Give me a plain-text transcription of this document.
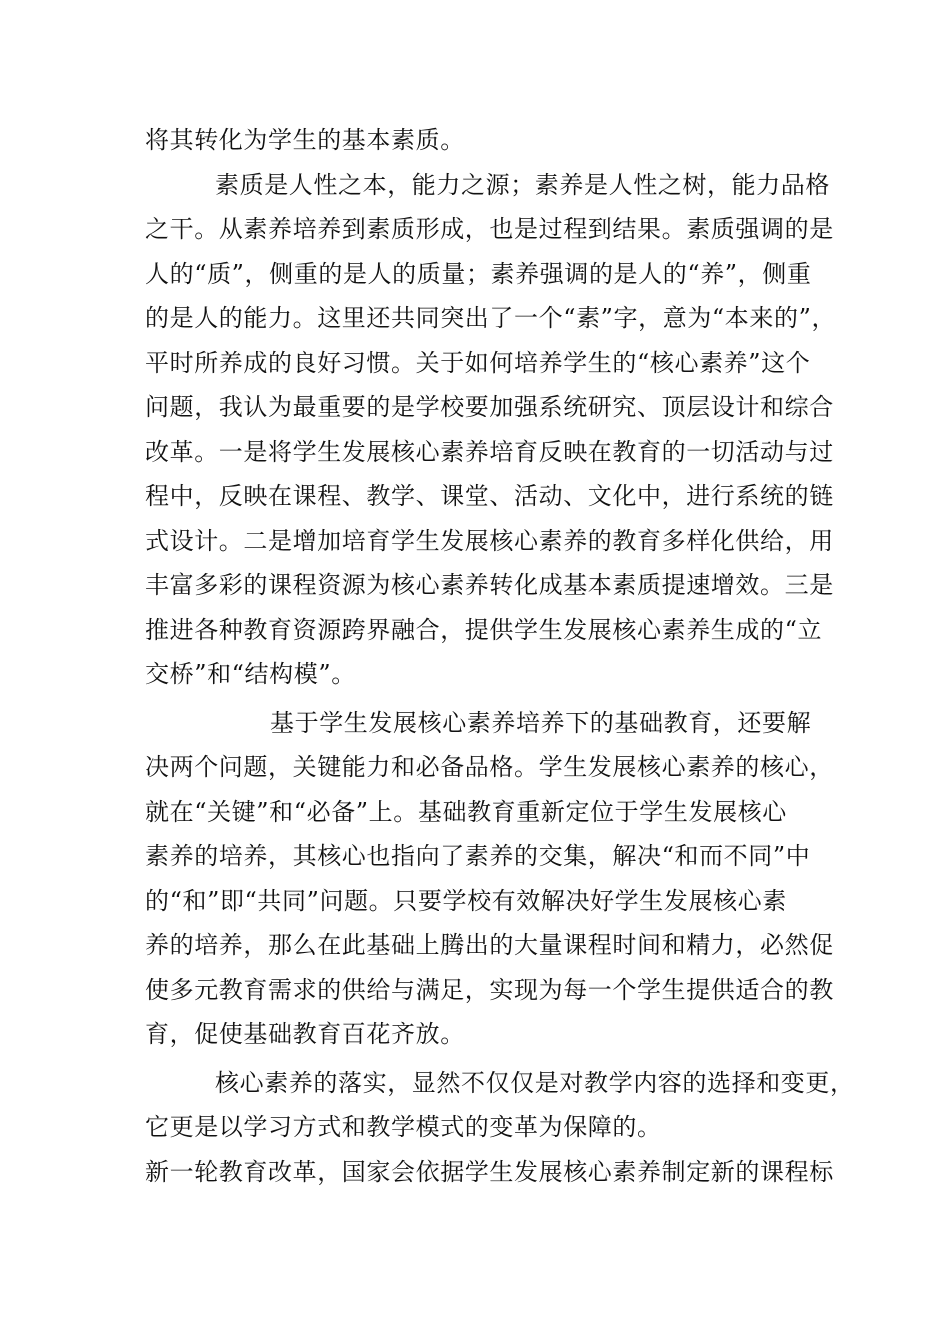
将其转化为学生的基本素质。
素质是人性之本，能力之源；素养是人性之树，能力品格
之干。从素养培养到素质形成，也是过程到结果。素质强调的是
人的“质”，侧重的是人的质量；素养强调的是人的“养”，侧重
的是人的能力。这里还共同突出了一个“素”字，意为“本来的”，
平时所养成的良好习惯。关于如何培养学生的“核心素养”这个
问题，我认为最重要的是学校要加强系统研究、顶层设计和综合
改革。一是将学生发展核心素养培育反映在教育的一切活动与过
程中，反映在课程、教学、课堂、活动、文化中，进行系统的链
式设计。二是增加培育学生发展核心素养的教育多样化供给，用
丰富多彩的课程资源为核心素养转化成基本素质提速增效。三是
推进各种教育资源跨界融合，提供学生发展核心素养生成的“立
交桥”和“结构模”。
基于学生发展核心素养培养下的基础教育，还要解
决两个问题，关键能力和必备品格。学生发展核心素养的核心，
就在“关键”和“必备”上。基础教育重新定位于学生发展核心
素养的培养，其核心也指向了素养的交集，解决“和而不同”中
的“和”即“共同”问题。只要学校有效解决好学生发展核心素
养的培养，那么在此基础上腾出的大量课程时间和精力，必然促
使多元教育需求的供给与满足，实现为每一个学生提供适合的教
育，促使基础教育百花齐放。
核心素养的落实，显然不仅仅是对教学内容的选择和变更，
它更是以学习方式和教学模式的变革为保障的。
新一轮教育改革，国家会依据学生发展核心素养制定新的课程标
